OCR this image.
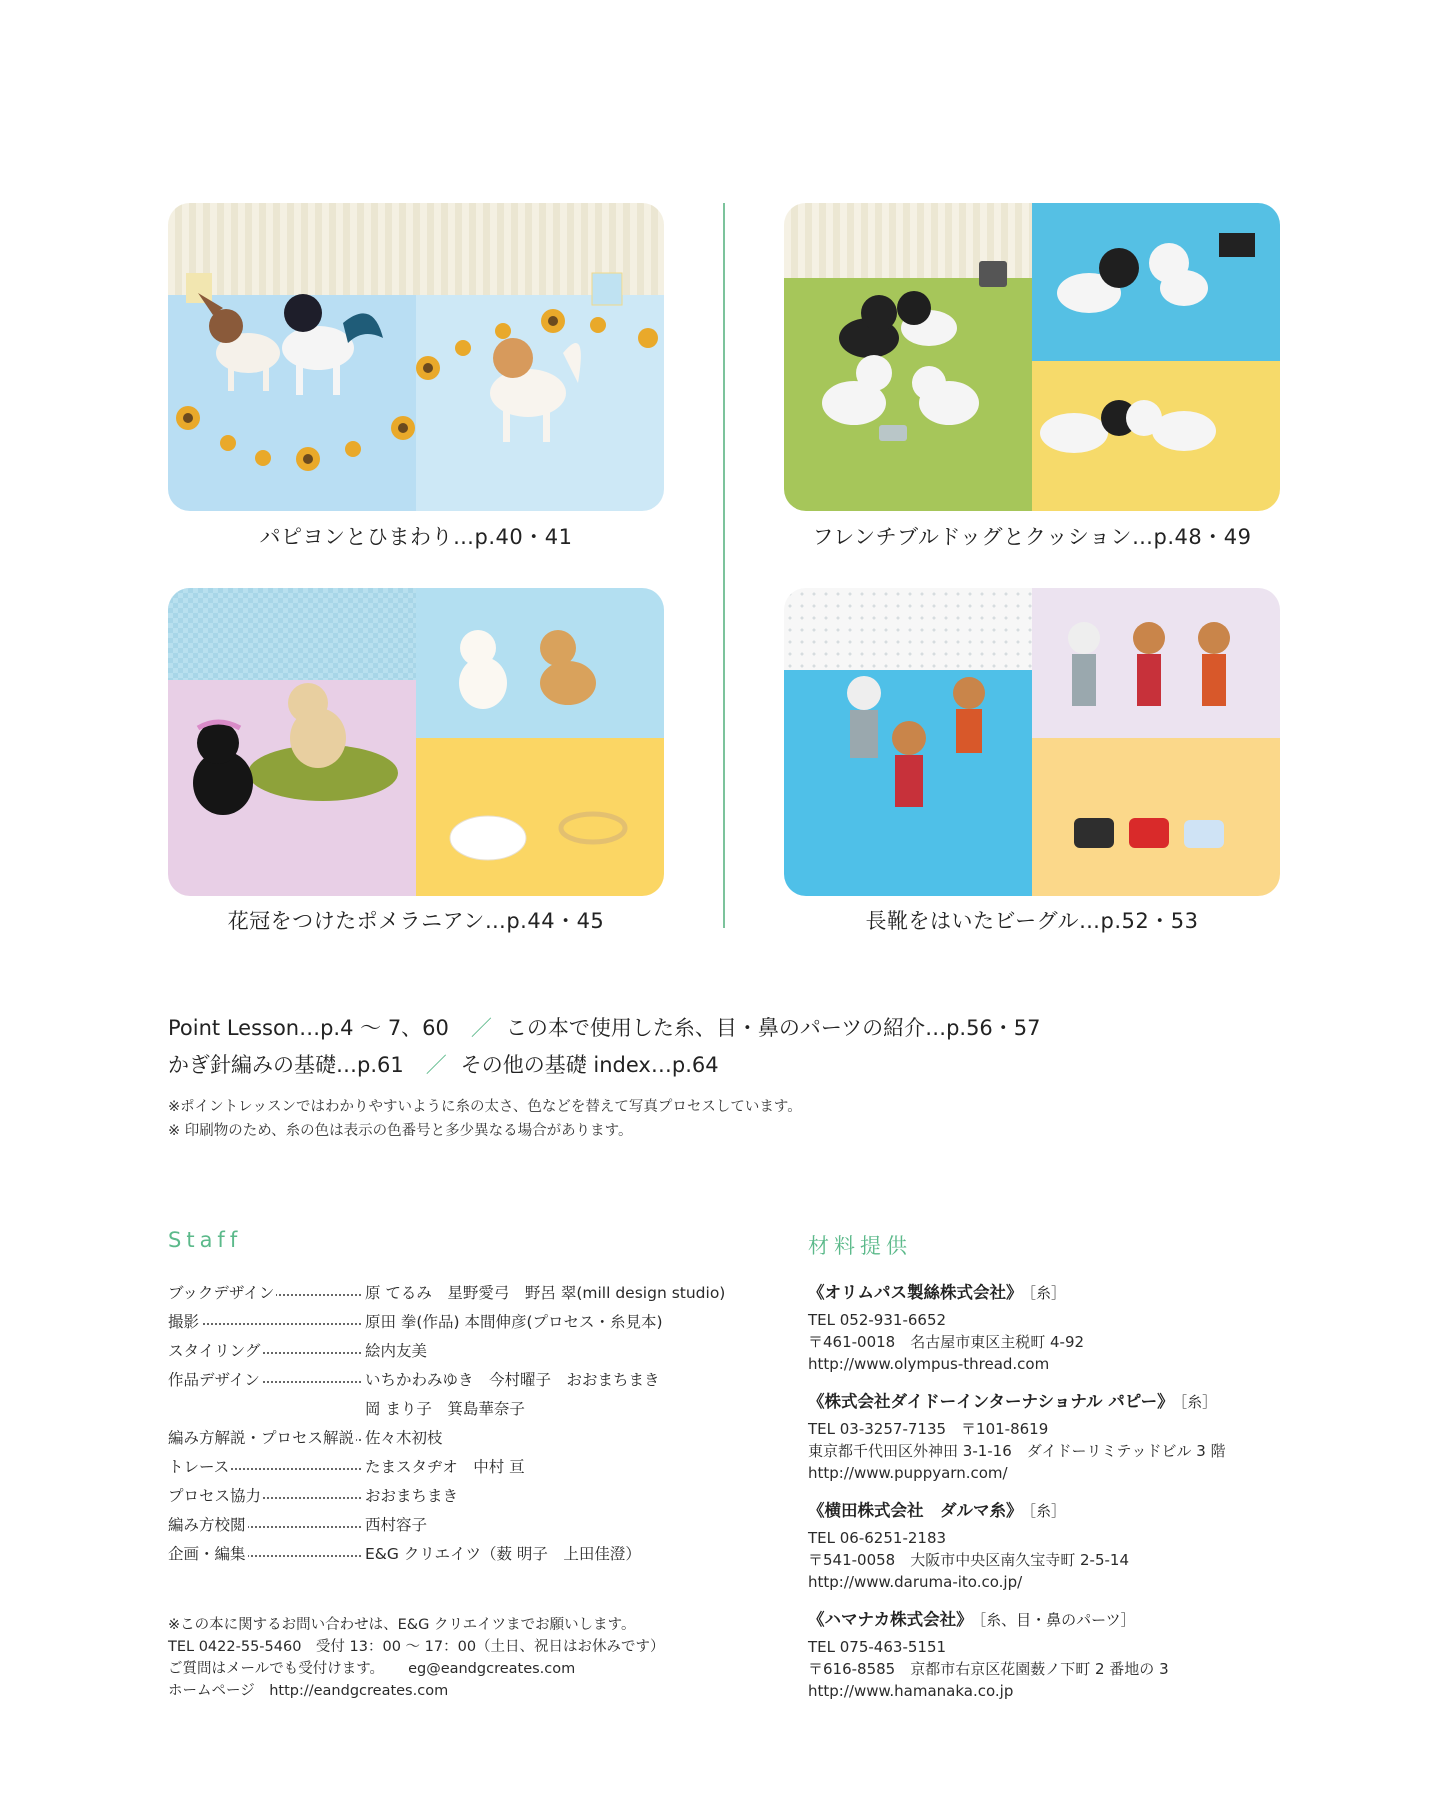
パピヨンとひまわり…p.40・41	フレンチブルドッグとクッション…p.48・49
花冠をつけたポメラニアン…p.44・45	長靴をはいたビーグル…p.52・53
Point Lesson…p.4 ～ 7、60 ／ この本で使用した糸、目・鼻のパーツの紹介…p.56・57
かぎ針編みの基礎…p.61 ／ その他の基礎 index…p.64
※ポイントレッスンではわかりやすいように糸の太さ、色などを替えて写真プロセスしています。
※ 印刷物のため、糸の色は表示の色番号と多少異なる場合があります。
Staff
ブックデザイン	原 てるみ　星野愛弓　野呂 翠(mill design studio)
撮影	原田 拳(作品) 本間伸彦(プロセス・糸見本)
スタイリング	絵内友美
作品デザイン	いちかわみゆき　今村曜子　おおまちまき
岡 まり子　箕島華奈子
編み方解説・プロセス解説 佐々木初枝
トレース	たまスタヂオ　中村 亘
プロセス協力	おおまちまき
編み方校閲	西村容子
企画・編集	E&G クリエイツ（薮 明子　上田佳澄）
※この本に関するお問い合わせは、E&G クリエイツまでお願いします。
TEL 0422-55-5460　受付 13：00 ～ 17：00（土日、祝日はお休みです）
ご質問はメールでも受付けます。 eg@eandgcreates.com
ホームページ　http://eandgcreates.com
材料提供
《オリムパス製絲株式会社》 ［糸］
TEL 052-931-6652
〒461-0018　名古屋市東区主税町 4-92
http://www.olympus-thread.com
《株式会社ダイドーインターナショナル パピー》 ［糸］
TEL 03-3257-7135　〒101-8619
東京都千代田区外神田 3-1-16　ダイドーリミテッドビル 3 階
http://www.puppyarn.com/
《横田株式会社　ダルマ糸》 ［糸］
TEL 06-6251-2183
〒541-0058　大阪市中央区南久宝寺町 2-5-14
http://www.daruma-ito.co.jp/
《ハマナカ株式会社》 ［糸、目・鼻のパーツ］
TEL 075-463-5151
〒616-8585　京都市右京区花園薮ノ下町 2 番地の 3
http://www.hamanaka.co.jp
